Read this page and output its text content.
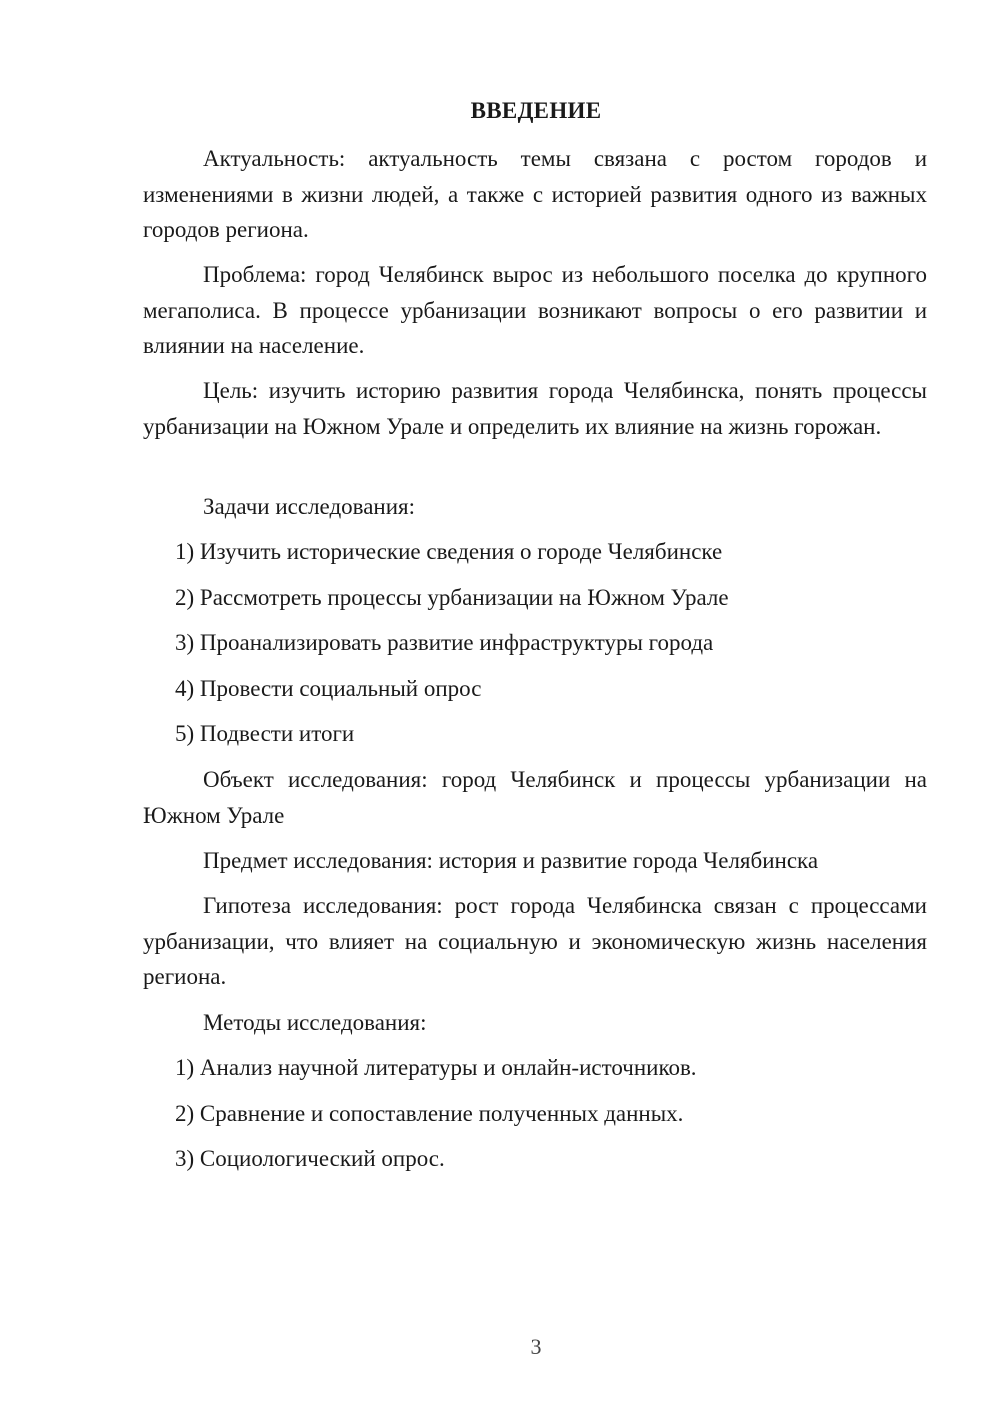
ВВЕДЕНИЕ

Актуальность: актуальность темы связана с ростом городов и изменениями в жизни людей, а также с историей развития одного из важных городов региона.

Проблема: город Челябинск вырос из небольшого поселка до крупного мегаполиса. В процессе урбанизации возникают вопросы о его развитии и влиянии на население.

Цель: изучить историю развития города Челябинска, понять процессы урбанизации на Южном Урале и определить их влияние на жизнь горожан.

Задачи исследования:

1) Изучить исторические сведения о городе Челябинске

2) Рассмотреть процессы урбанизации на Южном Урале

3) Проанализировать развитие инфраструктуры города

4) Провести социальный опрос

5) Подвести итоги

Объект исследования: город Челябинск и процессы урбанизации на Южном Урале

Предмет исследования: история и развитие города Челябинска

Гипотеза исследования: рост города Челябинска связан с процессами урбанизации, что влияет на социальную и экономическую жизнь населения региона.

Методы исследования:

1) Анализ научной литературы и онлайн-источников.

2) Сравнение и сопоставление полученных данных.

3) Социологический опрос.

3
